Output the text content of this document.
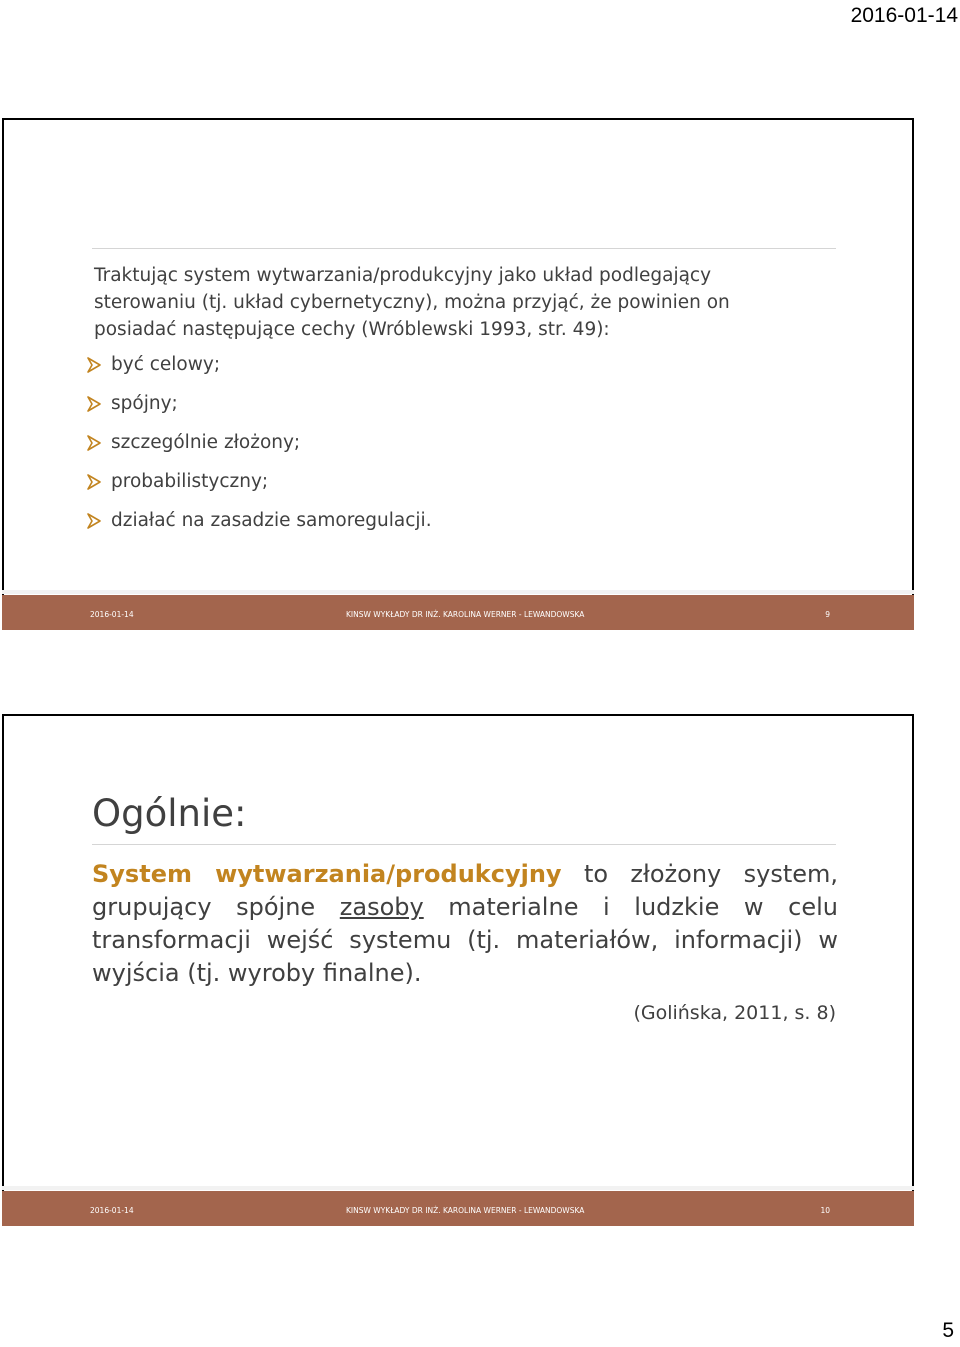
2016-01-14
Traktując system wytwarzania/produkcyjny jako układ podlegający sterowaniu (tj. układ cybernetyczny), można przyjąć, że powinien on posiadać następujące cechy (Wróblewski 1993, str. 49):
być celowy;
spójny;
szczególnie złożony;
probabilistyczny;
działać na zasadzie samoregulacji.
2016-01-14	KINSW WYKŁADY DR INŻ. KAROLINA WERNER - LEWANDOWSKA	9
Ogólnie:
System wytwarzania/produkcyjny to złożony system, grupujący spójne zasoby materialne i ludzkie w celu transformacji wejść systemu (tj. materiałów, informacji) w wyjścia (tj. wyroby finalne).
(Golińska, 2011, s. 8)
2016-01-14	KINSW WYKŁADY DR INŻ. KAROLINA WERNER - LEWANDOWSKA	10
5
